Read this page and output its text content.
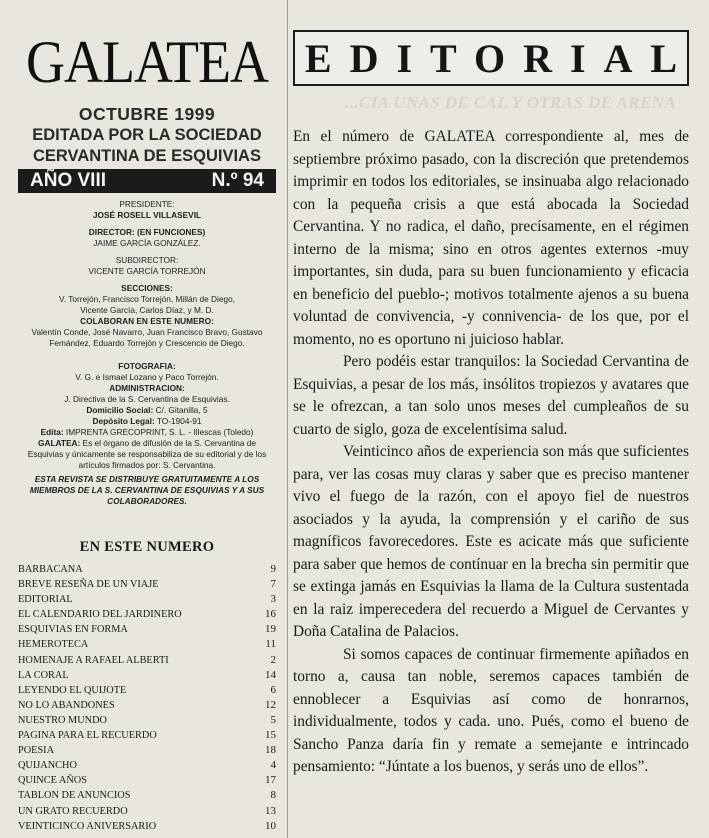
GALATEA
OCTUBRE 1999
EDITADA POR LA SOCIEDAD
CERVANTINA DE ESQUIVIAS
AÑO VIII	N.º 94
PRESIDENTE:
JOSÉ ROSELL VILLASEVIL
DIRECTOR: (EN FUNCIONES)
JAIME GARCÍA GONZÁLEZ.
SUBDIRECTOR:
VICENTE GARCÍA TORREJÓN
SECCIONES:
V. Torrejón, Francisco Torrejón, Millán de Diego,
Vicente García, Carlos Díaz, y M. D.
COLABORAN EN ESTE NUMERO:
Valentín Conde, José Navarro, Juan Francisco Bravo, Gustavo
Femández, Eduardo Torrejón y Crescencio de Diego.
FOTOGRAFIA:
V. G. e Ismael Lozano y Paco Torrejón.
ADMINISTRACION:
J. Directiva de la S. Cervantina de Esquivias.
Domicilio Social: C/. Gitanilla, 5
Depósito Legal: TO-1904-91
Edita: IMPRENTA GRECOPRINT, S. L. - Illescas (Toledo)
GALATEA: Es el órgano de difusión de la S. Cervantina de
Esquivias y únicamente se responsabiliza de su editorial y de los
artículos firmados por: S. Cervantina.
ESTA REVISTA SE DISTRIBUYE GRATUITAMENTE A LOS
MIEMBROS DE LA S. CERVANTINA DE ESQUIVIAS Y A SUS
COLABORADORES.
EN ESTE NUMERO
BARBACANA	9
BREVE RESEÑA DE UN VIAJE	7
EDITORIAL	3
EL CALENDARIO DEL JARDINERO	16
ESQUIVIAS EN FORMA	19
HEMEROTECA	11
HOMENAJE A RAFAEL ALBERTI	2
LA CORAL	14
LEYENDO EL QUIJOTE	6
NO LO ABANDONES	12
NUESTRO MUNDO	5
PAGINA PARA EL RECUERDO	15
POESIA	18
QUIJANCHO	4
QUINCE AÑOS	17
TABLON DE ANUNCIOS	8
UN GRATO RECUERDO	13
VEINTICINCO ANIVERSARIO	10
EDITORIAL
...CIA UNAS DE CAL Y OTRAS DE ARENA

En el número de GALATEA correspondiente al, mes de septiembre próximo pasado, con la discreción que pretendemos imprimir en todos los editoriales, se insinuaba algo relacionado con la pequeña crisis a que está abocada la Sociedad Cervantina. Y no radica, el daño, precísamente, en el régimen interno de la misma; sino en otros agentes externos -muy importantes, sin duda, para su buen funcionamiento y eficacia en beneficio del pueblo-; motivos totalmente ajenos a su buena voluntad de convivencia, -y connivencia- de los que, por el momento, no es oportuno ni juicioso hablar.

Pero podéis estar tranquilos: la Sociedad Cervantina de Esquivias, a pesar de los más, insólitos tropiezos y avatares que se le ofrezcan, a tan solo unos meses del cumpleaños de su cuarto de siglo, goza de excelentísima salud.

Veinticinco años de experiencia son más que suficientes para, ver las cosas muy claras y saber que es preciso mantener vivo el fuego de la razón, con el apoyo fiel de nuestros asociados y la ayuda, la comprensión y el cariño de sus magníficos favorecedores. Este es acicate más que suficiente para saber que hemos de contínuar en la brecha sin permitir que se extinga jamás en Esquivias la llama de la Cultura sustentada en la raiz imperecedera del recuerdo a Miguel de Cervantes y Doña Catalina de Palacios.

Si somos capaces de continuar firmemente apiñados en torno a, causa tan noble, seremos capaces también de ennoblecer a Esquivias así como de honrarnos, individualmente, todos y cada. uno. Pués, como el bueno de Sancho Panza daría fin y remate a semejante e intrincado pensamiento: “Júntate a los buenos, y serás uno de ellos”.
